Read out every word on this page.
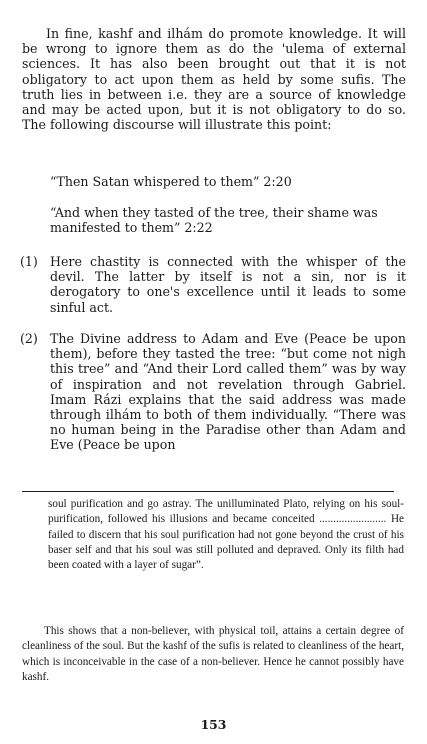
In fine, kashf and ilhám do promote knowledge. It will be wrong to ignore them as do the 'ulema of external sciences. It has also been brought out that it is not obligatory to act upon them as held by some sufis. The truth lies in between i.e. they are a source of knowledge and may be acted upon, but it is not obligatory to do so. The following discourse will illustrate this point:

“Then Satan whispered to them” 2:20

“And when they tasted of the tree, their shame was manifested to them” 2:22

(1) Here chastity is connected with the whisper of the devil. The latter by itself is not a sin, nor is it derogatory to one's excellence until it leads to some sinful act.
(2) The Divine address to Adam and Eve (Peace be upon them), before they tasted the tree: “but come not nigh this tree” and “And their Lord called them” was by way of inspiration and not revelation through Gabriel. Imam Rázi explains that the said address was made through ilhám to both of them individually. “There was no human being in the Paradise other than Adam and Eve (Peace be upon

soul purification and go astray. The unilluminated Plato, relying on his soul-purification, followed his illusions and became conceited ........................ He failed to discern that his soul purification had not gone beyond the crust of his baser self and that his soul was still polluted and depraved. Only its filth had been coated with a layer of sugar”.

This shows that a non-believer, with physical toil, attains a certain degree of cleanliness of the soul. But the kashf of the sufis is related to cleanliness of the heart, which is inconceivable in the case of a non-believer. Hence he cannot possibly have kashf.

153
